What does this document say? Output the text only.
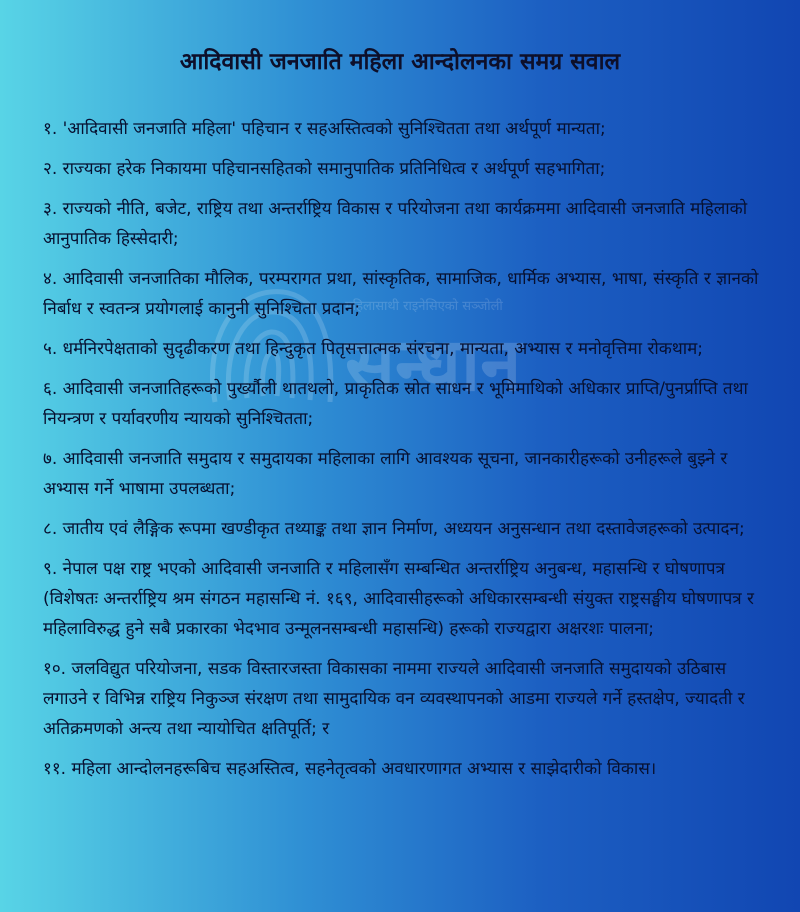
महिलासाथी राइनेसिएको सञ्जोली
सन्धान
आदिवासी जनजाति महिला आन्दोलनका समग्र सवाल
१. 'आदिवासी जनजाति महिला' पहिचान र सहअस्तित्वको सुनिश्चितता तथा अर्थपूर्ण मान्यता;
२. राज्यका हरेक निकायमा पहिचानसहितको समानुपातिक प्रतिनिधित्व र अर्थपूर्ण सहभागिता;
३. राज्यको नीति, बजेट, राष्ट्रिय तथा अन्तर्राष्ट्रिय विकास र परियोजना तथा कार्यक्रममा आदिवासी जनजाति महिलाको आनुपातिक हिस्सेदारी;
४. आदिवासी जनजातिका मौलिक, परम्परागत प्रथा, सांस्कृतिक, सामाजिक, धार्मिक अभ्यास, भाषा, संस्कृति र ज्ञानको निर्बाध र स्वतन्त्र प्रयोगलाई कानुनी सुनिश्चिता प्रदान;
५. धर्मनिरपेक्षताको सुदृढीकरण तथा हिन्दुकृत पितृसत्तात्मक संरचना, मान्यता, अभ्यास र मनोवृत्तिमा रोकथाम;
६. आदिवासी जनजातिहरूको पुर्ख्यौली थातथलो, प्राकृतिक स्रोत साधन र भूमिमाथिको अधिकार प्राप्ति/पुनर्प्राप्ति तथा नियन्त्रण र पर्यावरणीय न्यायको सुनिश्चितता;
७. आदिवासी जनजाति समुदाय र समुदायका महिलाका लागि आवश्यक सूचना, जानकारीहरूको उनीहरूले बुझ्ने र अभ्यास गर्ने भाषामा उपलब्धता;
८. जातीय एवं लैङ्गिक रूपमा खण्डीकृत तथ्याङ्क तथा ज्ञान निर्माण, अध्ययन अनुसन्धान तथा दस्तावेजहरूको उत्पादन;
९. नेपाल पक्ष राष्ट्र भएको आदिवासी जनजाति र महिलासँग सम्बन्धित अन्तर्राष्ट्रिय अनुबन्ध, महासन्धि र घोषणापत्र (विशेषतः अन्तर्राष्ट्रिय श्रम संगठन महासन्धि नं. १६९, आदिवासीहरूको अधिकारसम्बन्धी संयुक्त राष्ट्रसङ्घीय घोषणापत्र र महिलाविरुद्ध हुने सबै प्रकारका भेदभाव उन्मूलनसम्बन्धी महासन्धि) हरूको राज्यद्वारा अक्षरशः पालना;
१०. जलविद्युत परियोजना, सडक विस्तारजस्ता विकासका नाममा राज्यले आदिवासी जनजाति समुदायको उठिबास लगाउने र विभिन्न राष्ट्रिय निकुञ्ज संरक्षण तथा सामुदायिक वन व्यवस्थापनको आडमा राज्यले गर्ने हस्तक्षेप, ज्यादती र अतिक्रमणको अन्त्य तथा न्यायोचित क्षतिपूर्ति; र
११. महिला आन्दोलनहरूबिच सहअस्तित्व, सहनेतृत्वको अवधारणागत अभ्यास र साझेदारीको विकास।
